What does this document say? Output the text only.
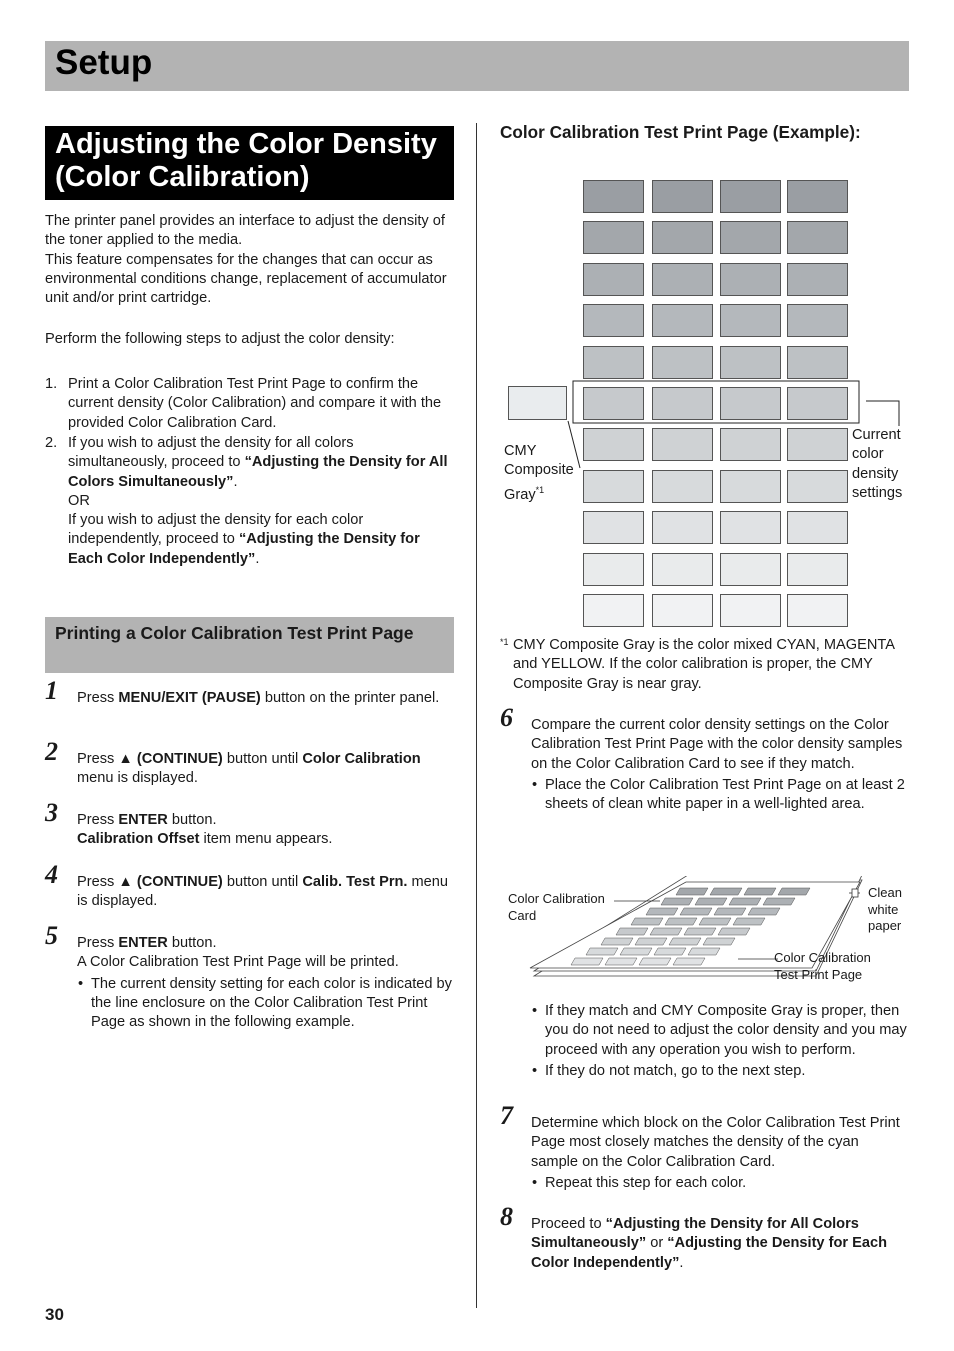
Setup
Adjusting the Color Density
(Color Calibration)

The printer panel provides an interface to adjust the density of the toner applied to the media.

This feature compensates for the changes that can occur as environmental conditions change, replacement of accumulator unit and/or print cartridge.

Perform the following steps to adjust the color density:

1. Print a Color Calibration Test Print Page to confirm the current density (Color Calibration) and compare it with the provided Color Calibration Card.
2. If you wish to adjust the density for all colors simultaneously, proceed to “Adjusting the Density for All Colors Simultaneously”.
OR
If you wish to adjust the density for each color independently, proceed to “Adjusting the Density for Each Color Independently”.
Printing a Color Calibration Test Print Page
1 Press MENU/EXIT (PAUSE) button on the printer panel.
2 Press ▲ (CONTINUE) button until Color Calibration menu is displayed.
3 Press ENTER button.
Calibration Offset item menu appears.
4 Press ▲ (CONTINUE) button until Calib. Test Prn. menu is displayed.
5 Press ENTER button.
A Color Calibration Test Print Page will be printed.
• The current density setting for each color is indicated by the line enclosure on the Color Calibration Test Print Page as shown in the following example.
Color Calibration Test Print Page (Example):
CMY
Composite
Gray$^{*1}$
Current
color
density
settings
*1 CMY Composite Gray is the color mixed CYAN, MAGENTA and YELLOW. If the color calibration is proper, the CMY Composite Gray is near gray.
6 Compare the current color density settings on the Color Calibration Test Print Page with the color density samples on the Color Calibration Card to see if they match.
• Place the Color Calibration Test Print Page on at least 2 sheets of clean white paper in a well-lighted area.
Color Calibration
Card
Clean
white
paper
Color Calibration
Test Print Page
• If they match and CMY Composite Gray is proper, then you do not need to adjust the color density and you may proceed with any operation you wish to perform.
• If they do not match, go to the next step.
7 Determine which block on the Color Calibration Test Print Page most closely matches the density of the cyan sample on the Color Calibration Card.
• Repeat this step for each color.
8 Proceed to “Adjusting the Density for All Colors Simultaneously” or “Adjusting the Density for Each Color Independently”.
30
